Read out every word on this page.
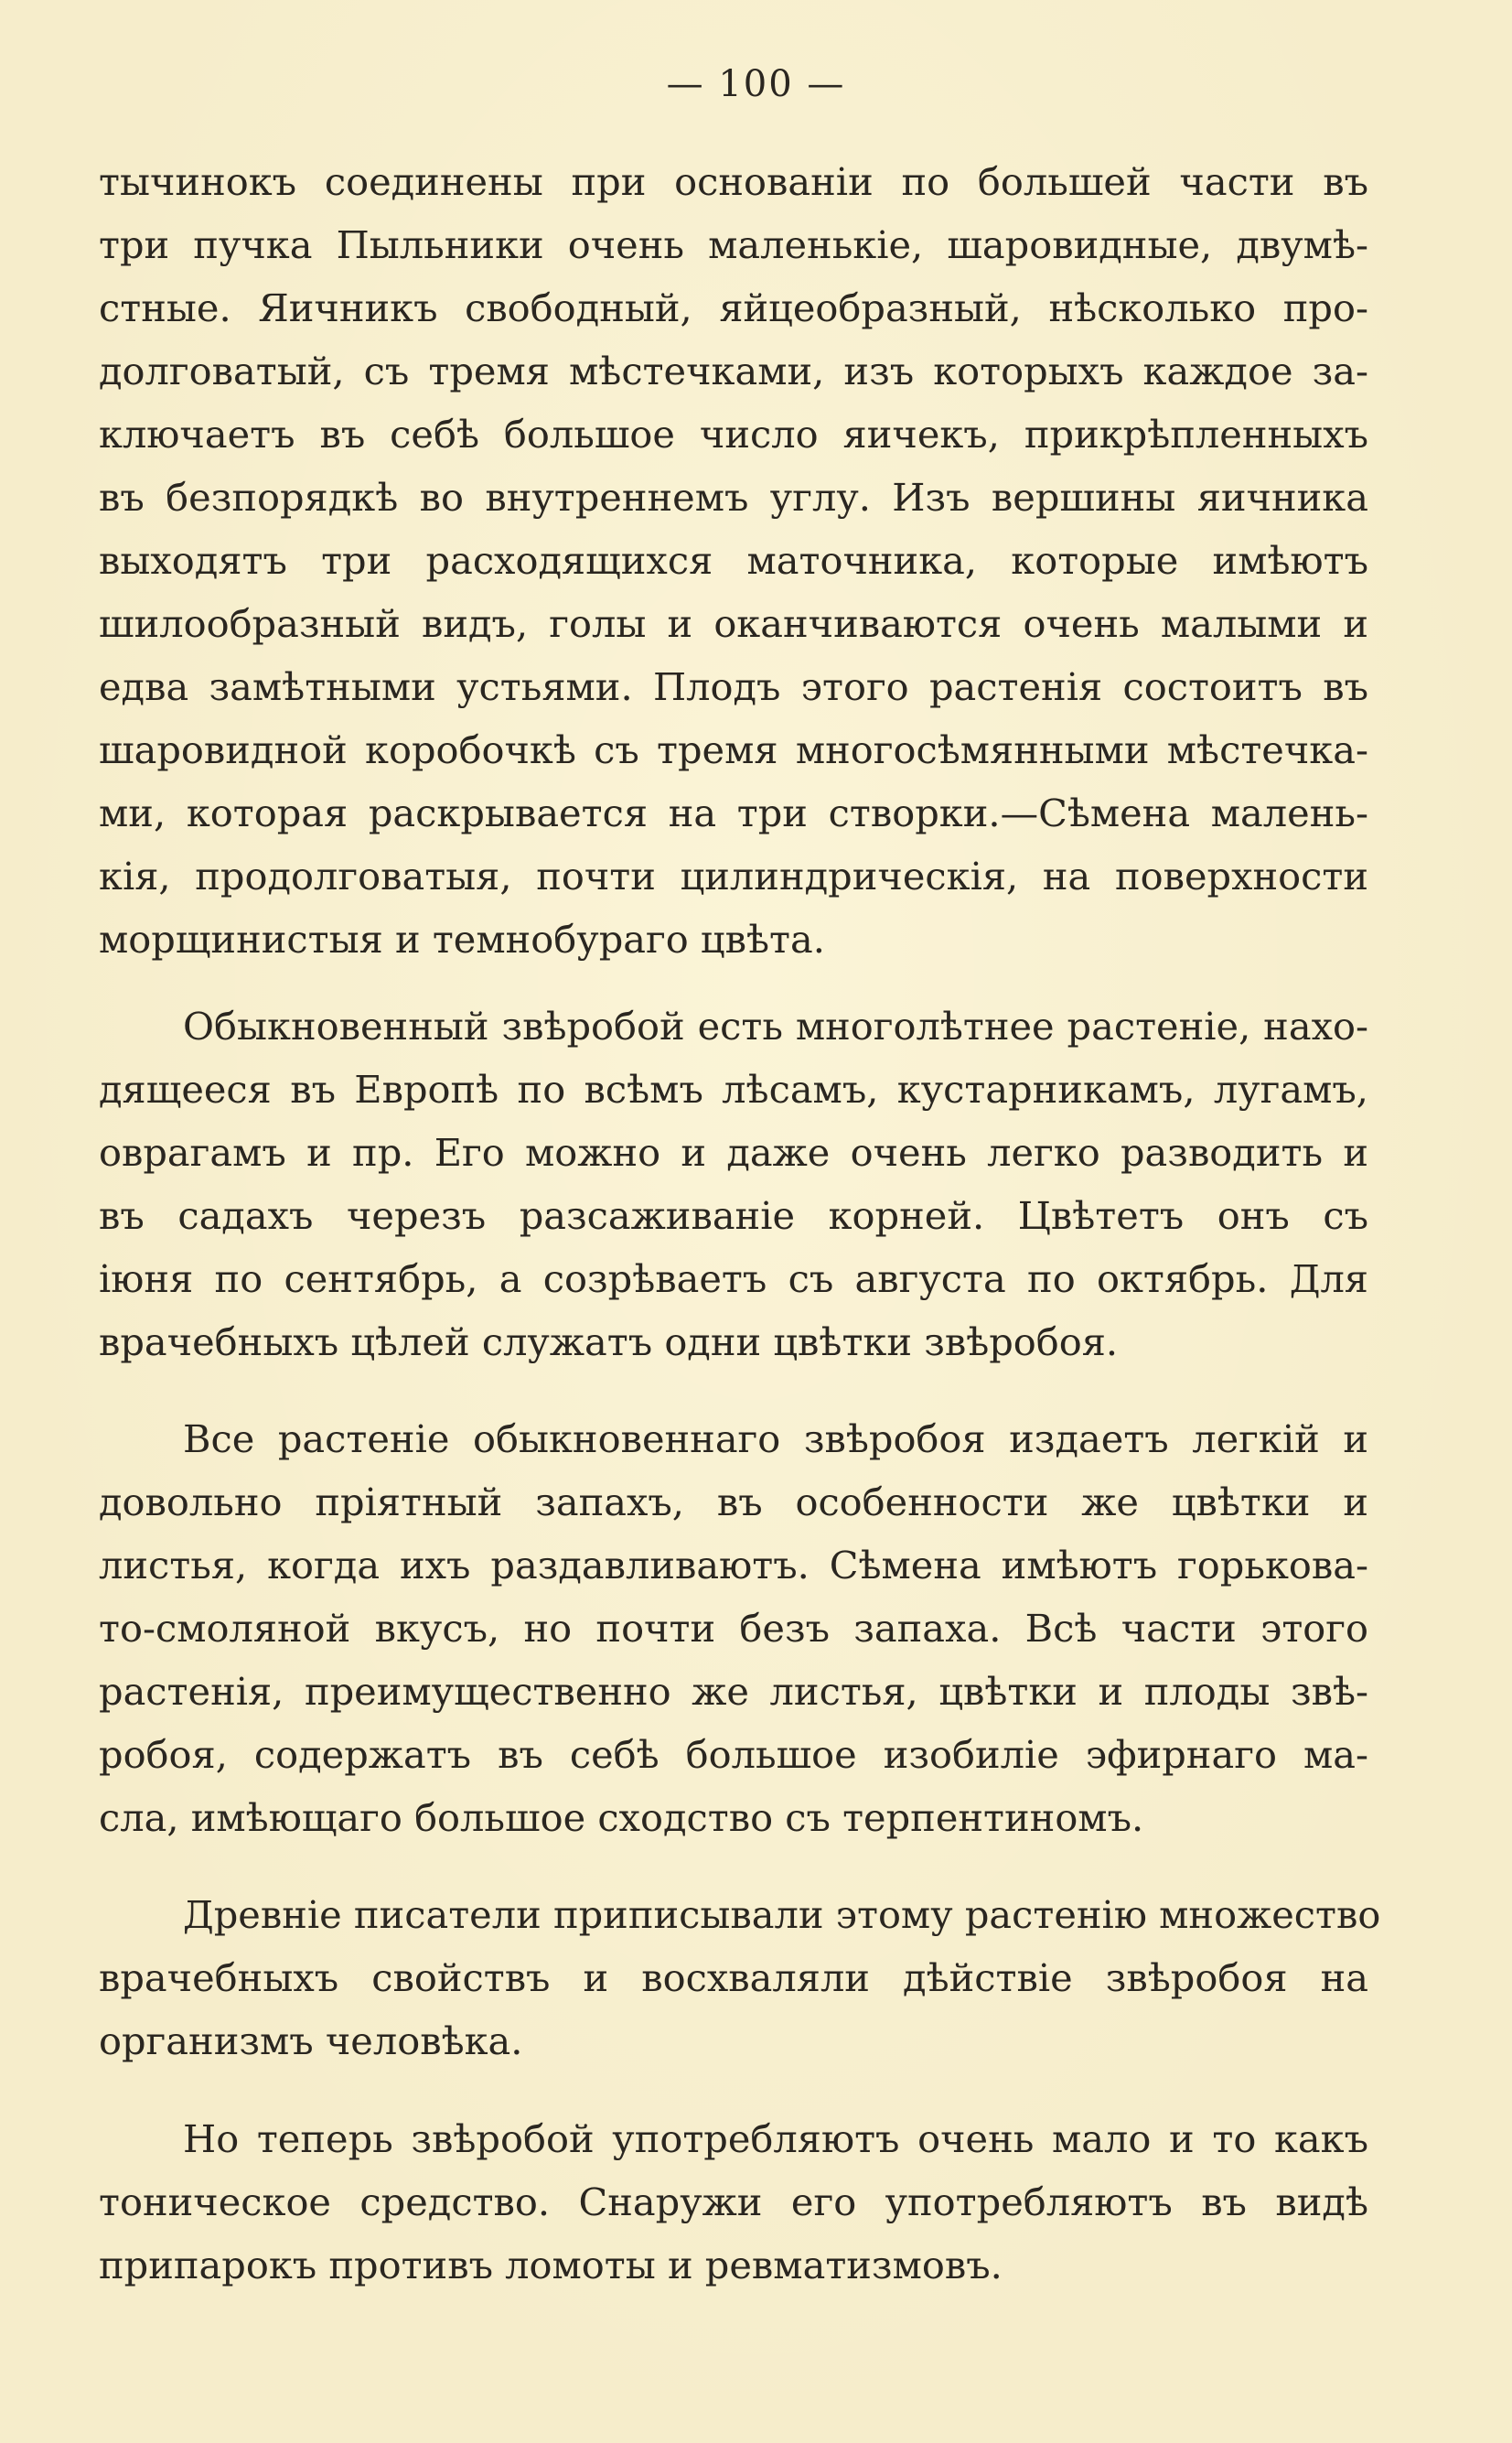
— 100 —
тычинокъ соединены при основаніи по большей части въ
три пучка Пыльники очень маленькіе, шаровидные, двумѣ-
стные. Яичникъ свободный, яйцеобразный, нѣсколько про-
долговатый, съ тремя мѣстечками, изъ которыхъ каждое за-
ключаетъ въ себѣ большое число яичекъ, прикрѣпленныхъ
въ безпорядкѣ во внутреннемъ углу. Изъ вершины яичника
выходятъ три расходящихся маточника, которые имѣютъ
шилообразный видъ, голы и оканчиваются очень малыми и
едва замѣтными устьями. Плодъ этого растенія состоитъ въ
шаровидной коробочкѣ съ тремя многосѣмянными мѣстечка-
ми, которая раскрывается на три створки.—Сѣмена малень-
кія, продолговатыя, почти цилиндрическія, на поверхности
морщинистыя и темнобураго цвѣта.
Обыкновенный звѣробой есть многолѣтнее растеніе, нахо-
дящееся въ Европѣ по всѣмъ лѣсамъ, кустарникамъ, лугамъ,
оврагамъ и пр. Его можно и даже очень легко разводить и
въ садахъ черезъ разсаживаніе корней. Цвѣтетъ онъ съ
іюня по сентябрь, а созрѣваетъ съ августа по октябрь. Для
врачебныхъ цѣлей служатъ одни цвѣтки звѣробоя.
Все растеніе обыкновеннаго звѣробоя издаетъ легкій и
довольно пріятный запахъ, въ особенности же цвѣтки и
листья, когда ихъ раздавливаютъ. Сѣмена имѣютъ горькова-
то-смоляной вкусъ, но почти безъ запаха. Всѣ части этого
растенія, преимущественно же листья, цвѣтки и плоды звѣ-
робоя, содержатъ въ себѣ большое изобиліе эфирнаго ма-
сла, имѣющаго большое сходство съ терпентиномъ.
Древніе писатели приписывали этому растенію множество
врачебныхъ свойствъ и восхваляли дѣйствіе звѣробоя на
организмъ человѣка.
Но теперь звѣробой употребляютъ очень мало и то какъ
тоническое средство. Снаружи его употребляютъ въ видѣ
припарокъ противъ ломоты и ревматизмовъ.
